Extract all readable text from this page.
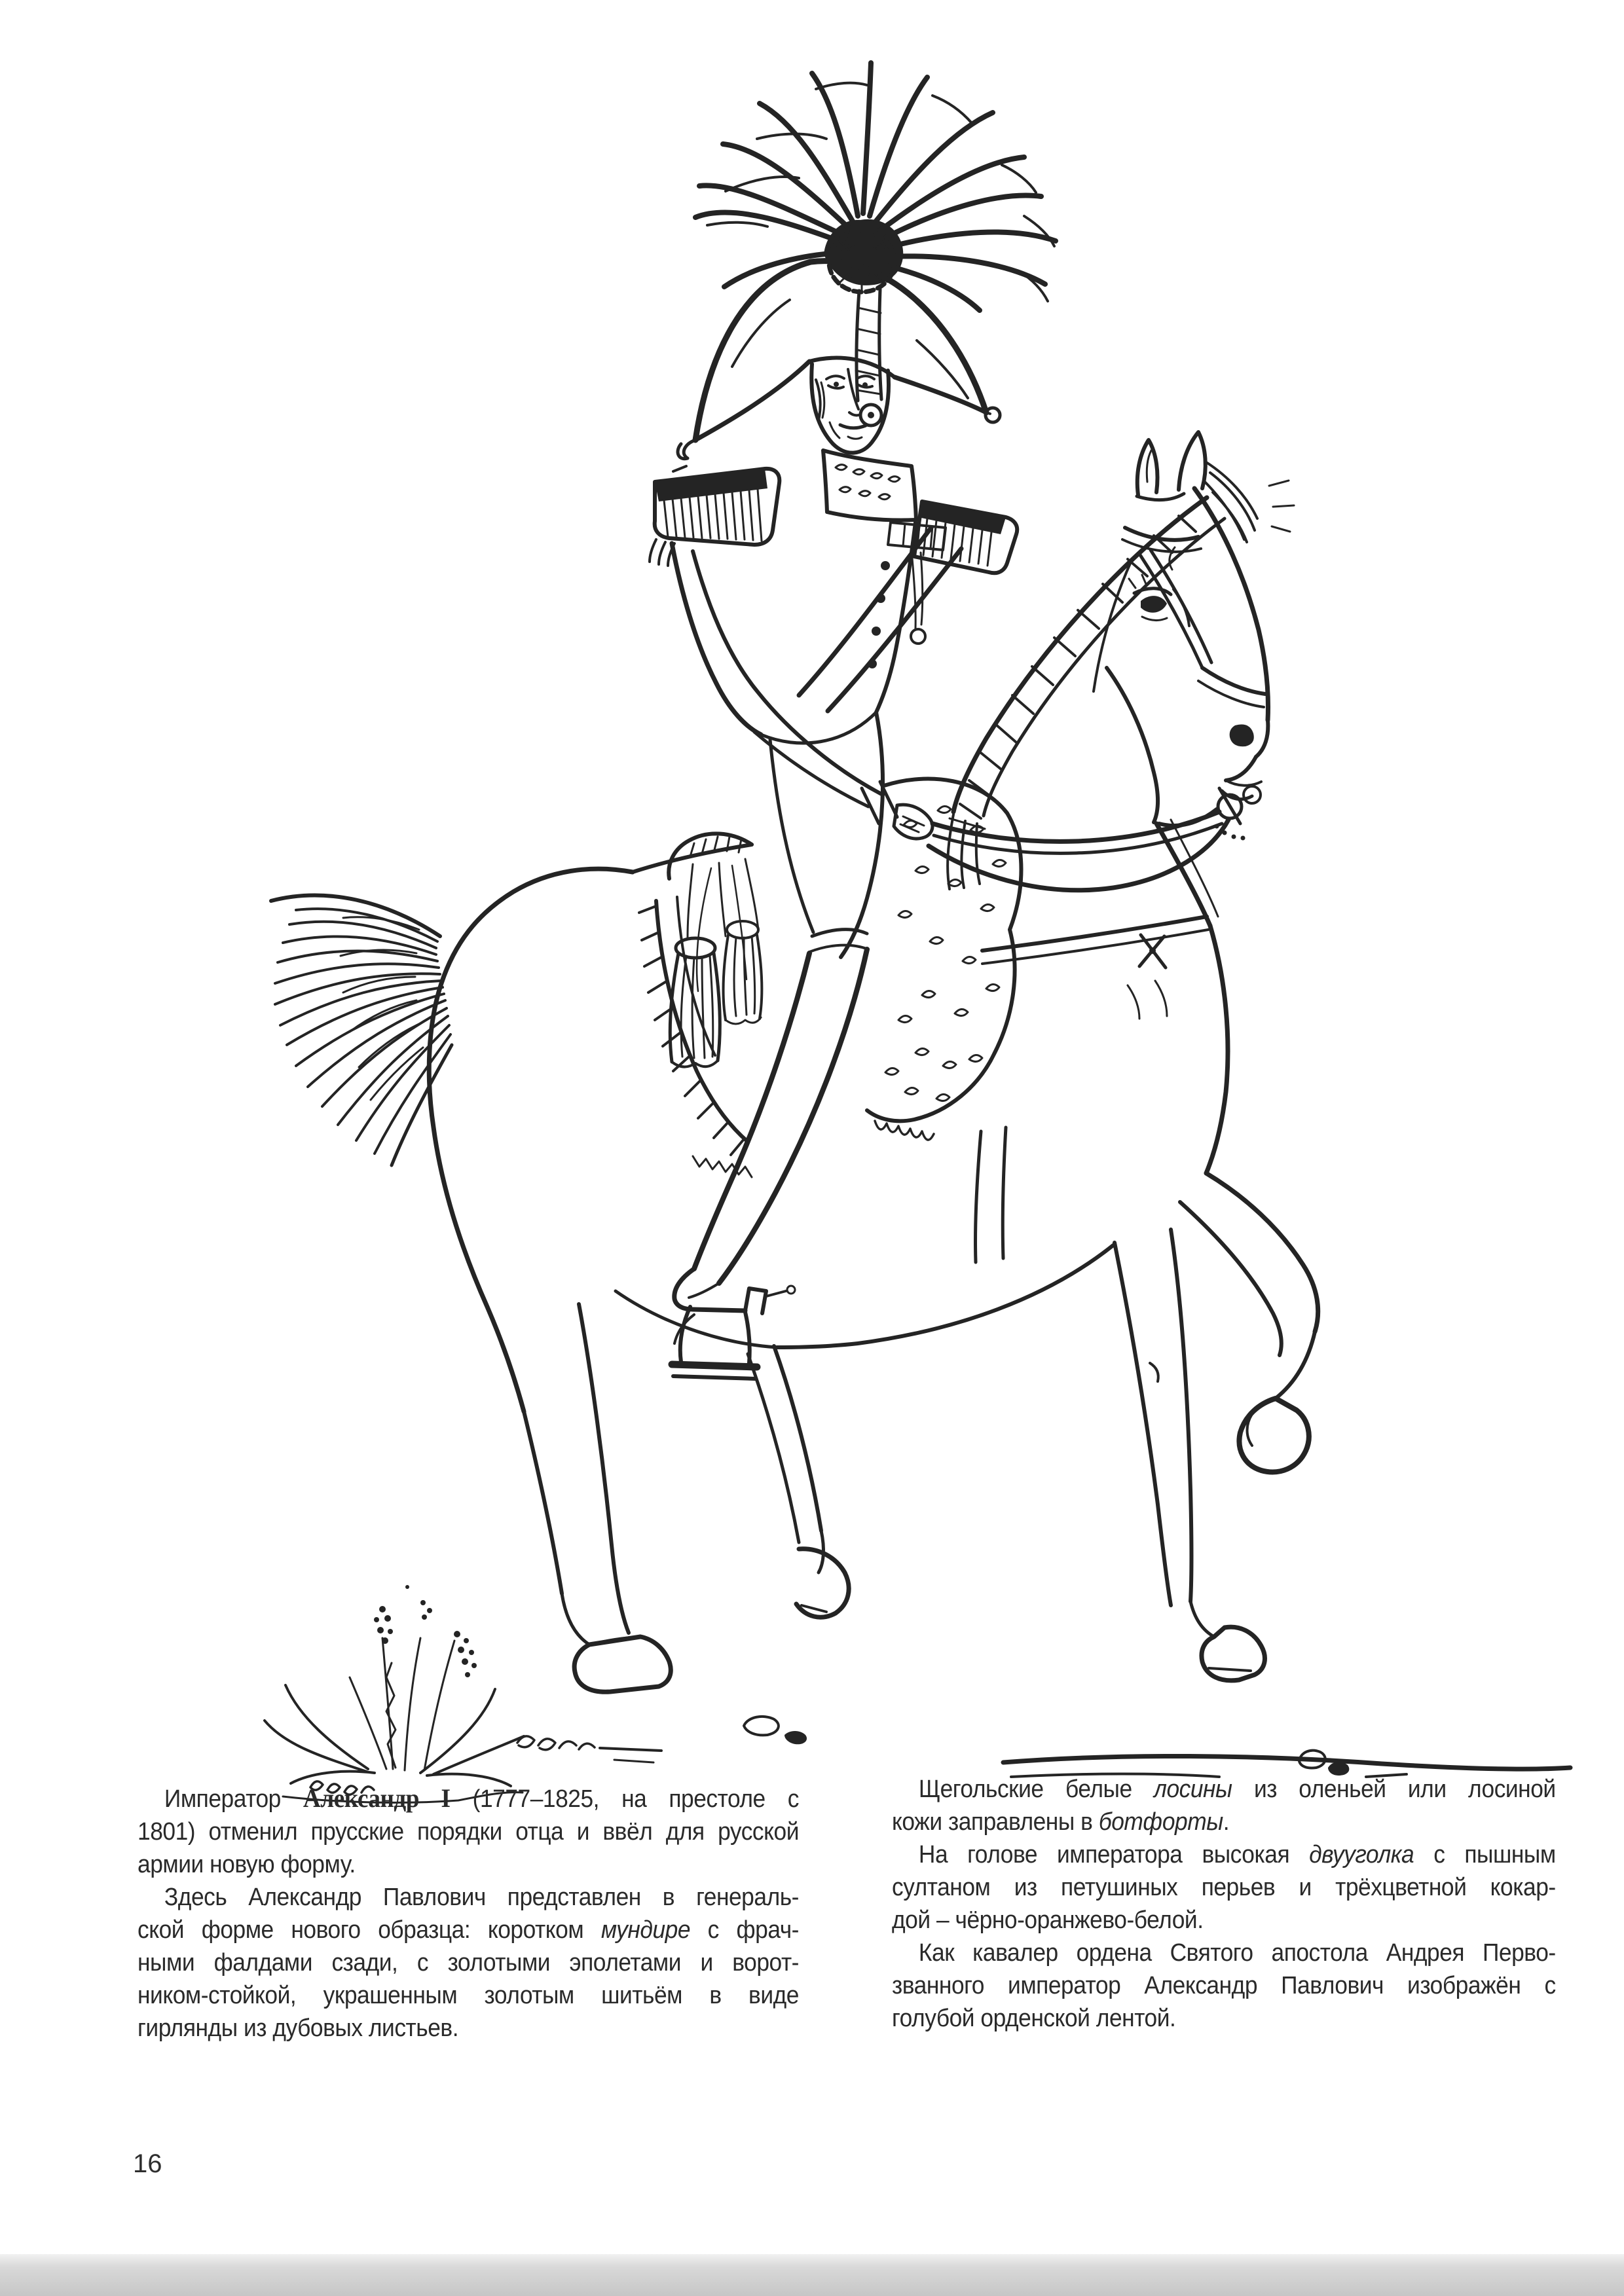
Император Александр I (1777–1825, на престоле с
1801) отменил прусские порядки отца и ввёл для русской
армии новую форму.
Здесь Александр Павлович представлен в генераль-
ской форме нового образца: коротком мундире с фрач-
ными фалдами сзади, с золотыми эполетами и ворот-
ником-стойкой, украшенным золотым шитьём в виде
гирлянды из дубовых листьев.
Щегольские белые лосины из оленьей или лосиной
кожи заправлены в ботфорты.
На голове императора высокая двууголка с пышным
султаном из петушиных перьев и трёхцветной кокар-
дой – чёрно-оранжево-белой.
Как кавалер ордена Святого апостола Андрея Перво-
званного император Александр Павлович изображён с
голубой орденской лентой.
16
